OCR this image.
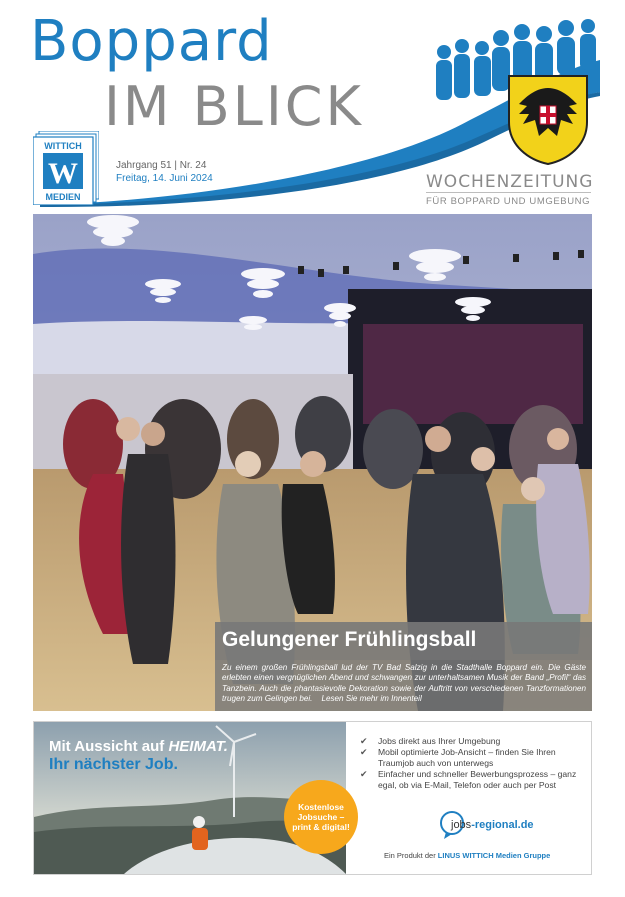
Boppard
IM BLICK
WITTICH
W
MEDIEN
Jahrgang 51 | Nr. 24
Freitag, 14. Juni 2024	WOCHENZEITUNG
FÜR BOPPARD UND UMGEBUNG
Gelungener Frühlingsball
Zu einem großen Frühlingsball lud der TV Bad Salzig in die Stadthalle Boppard ein. Die Gäste erlebten einen vergnüglichen Abend und schwangen zur unterhaltsamen Musik der Band „Profil“ das Tanzbein. Auch die phantasievolle Dekoration sowie der Auftritt von verschiedenen Tanzformationen trugen zum Gelingen bei. Lesen Sie mehr im Innenteil
Mit Aussicht auf HEIMAT.
Ihr nächster Job.
Kostenlose
Jobsuche –
print & digital!
✔ Jobs direkt aus Ihrer Umgebung
✔ Mobil optimierte Job-Ansicht – finden Sie Ihren Traumjob auch von unterwegs
✔ Einfacher und schneller Bewerbungsprozess – ganz egal, ob via E-Mail, Telefon oder auch per Post
jobs-regional.de
Ein Produkt der LINUS WITTICH Medien Gruppe
